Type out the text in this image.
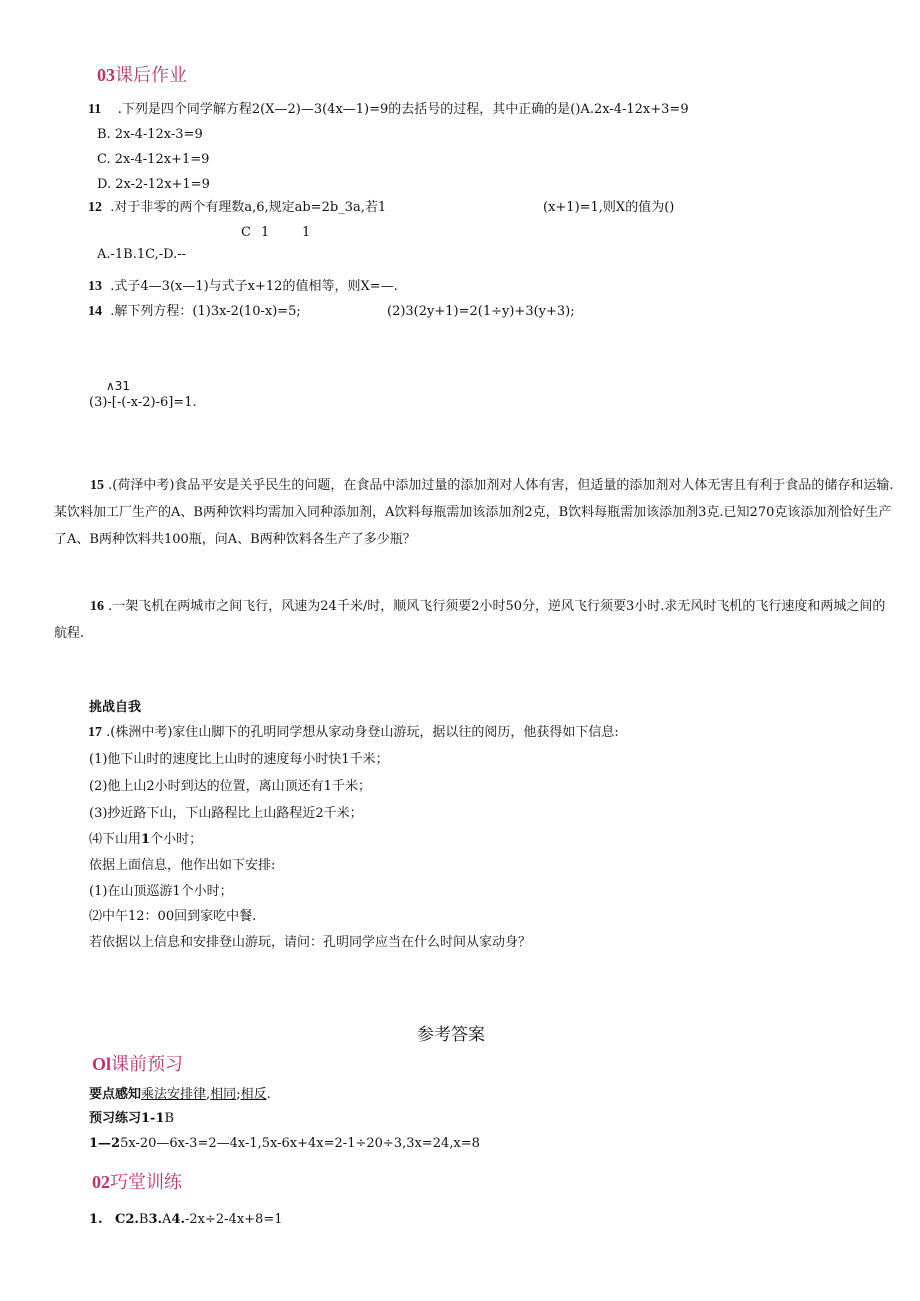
03课后作业
11 .下列是四个同学解方程2(X—2)—3(4x—1)=9的去括号的过程，其中正确的是()A.2x-4-12x+3=9
B. 2x-4-12x-3=9
C. 2x-4-12x+1=9
D. 2x-2-12x+1=9
12 .对于非零的两个有理数a,6,规定ab=2b_3a,若1	(x+1)=1,则X的值为()
C 1	1
A.-1B.1C,-D.--
13 .式子4—3(x—1)与式子x+12的值相等，则X=—.
14 .解下列方程：(1)3x-2(10-x)=5;	(2)3(2y+1)=2(1÷y)+3(y+3);
∧31
(3)-[-(-x-2)-6]=1.
15 .(荷泽中考)食品平安是关乎民生的问题，在食品中添加过量的添加剂对人体有害，但适量的添加剂对人体无害且有利于食品的储存和运输.某饮料加工厂生产的A、B两种饮料均需加入同种添加剂，A饮料每瓶需加该添加剂2克，B饮料每瓶需加该添加剂3克.已知270克该添加剂恰好生产了A、B两种饮料共100瓶，问A、B两种饮料各生产了多少瓶？
16 .一架飞机在两城市之间飞行，风速为24千米/时，顺风飞行须要2小时50分，逆风飞行须要3小时.求无风时飞机的飞行速度和两城之间的航程.
挑战自我
17 .(株洲中考)家住山脚下的孔明同学想从家动身登山游玩，据以往的阅历，他获得如下信息:
(1)他下山时的速度比上山时的速度每小时快1千米；
(2)他上山2小时到达的位置，离山顶还有1千米；
(3)抄近路下山，下山路程比上山路程近2千米；
⑷下山用1个小时；
依据上面信息，他作出如下安排:
(1)在山顶巡游1个小时；
⑵中午12：00回到家吃中餐.
若依据以上信息和安排登山游玩，请问：孔明同学应当在什么时间从家动身？
参考答案
Ol课前预习
要点感知乘法安排律,相同;相反.
预习练习1-1B
1—25x-20—6x-3=2—4x-1,5x-6x+4x=2-1÷20÷3,3x=24,x=8
02巧堂训练
1. C2.B3.A4.-2x÷2-4x+8=1
